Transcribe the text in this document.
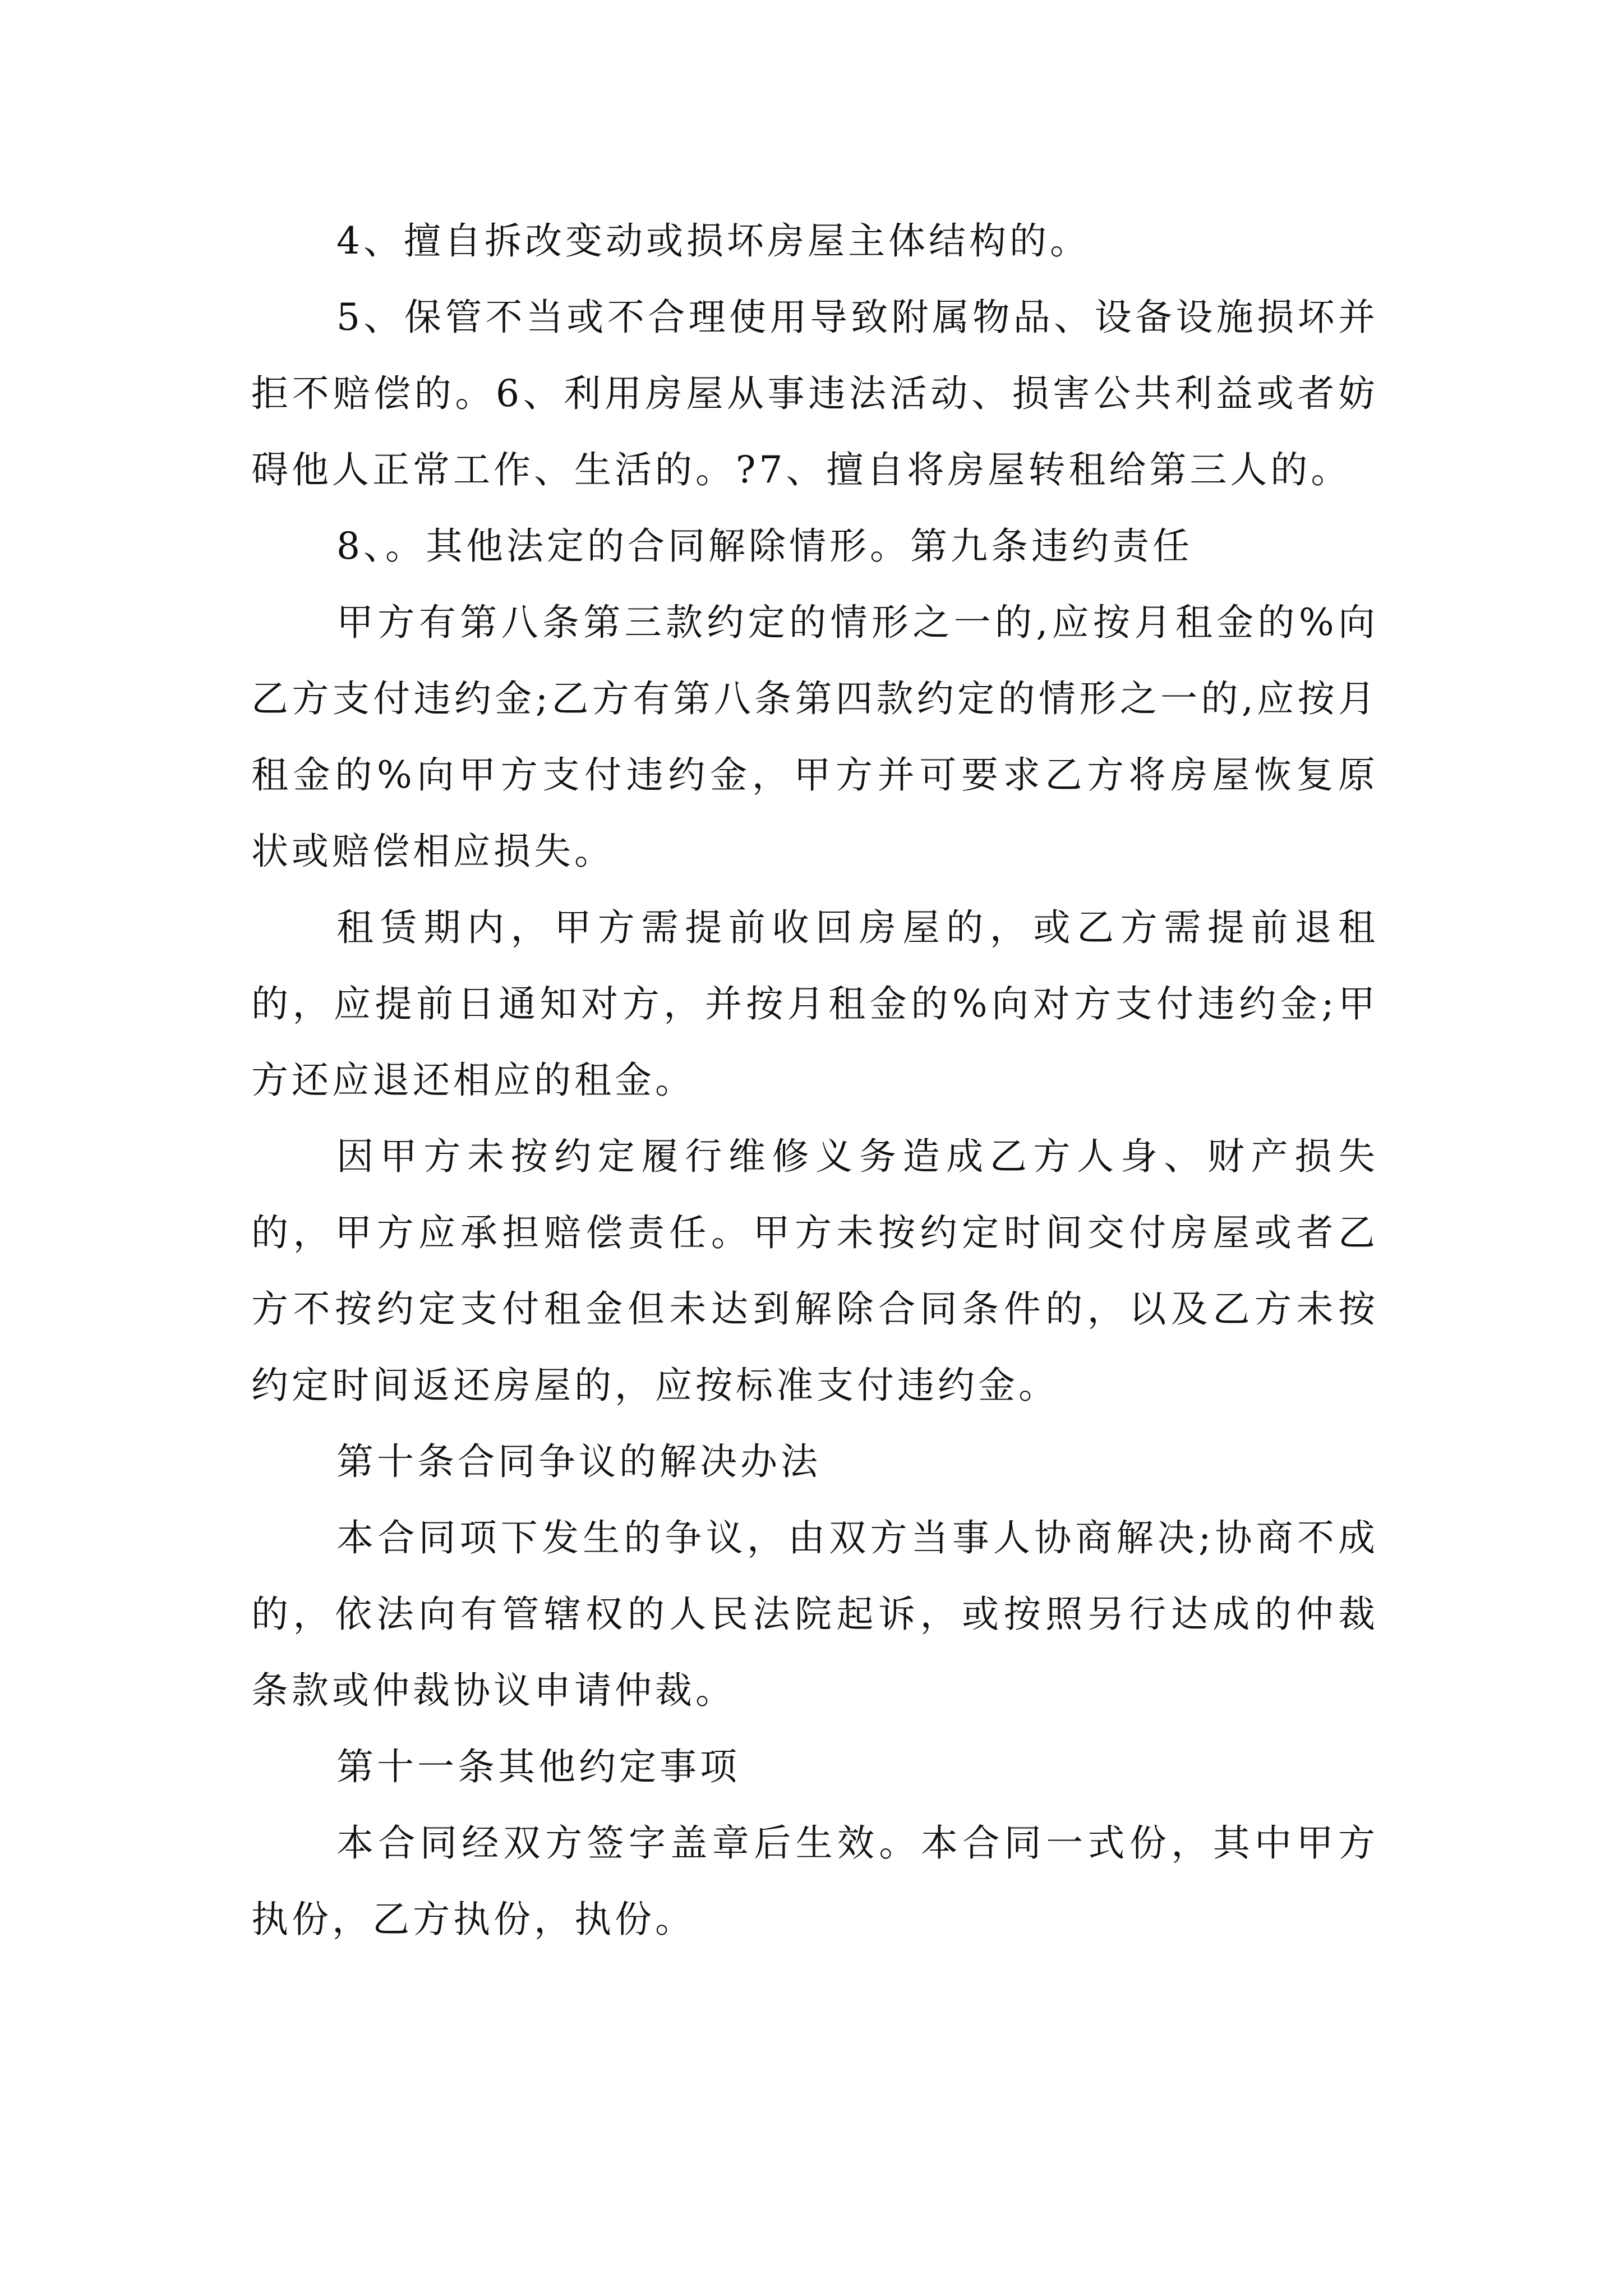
4、擅自拆改变动或损坏房屋主体结构的。

5、保管不当或不合理使用导致附属物品、设备设施损坏并拒不赔偿的。6、利用房屋从事违法活动、损害公共利益或者妨碍他人正常工作、生活的。?7、擅自将房屋转租给第三人的。

8、。其他法定的合同解除情形。第九条违约责任

甲方有第八条第三款约定的情形之一的,应按月租金的%向乙方支付违约金;乙方有第八条第四款约定的情形之一的,应按月租金的%向甲方支付违约金，甲方并可要求乙方将房屋恢复原状或赔偿相应损失。

租赁期内，甲方需提前收回房屋的，或乙方需提前退租的，应提前日通知对方，并按月租金的%向对方支付违约金;甲方还应退还相应的租金。

因甲方未按约定履行维修义务造成乙方人身、财产损失的，甲方应承担赔偿责任。甲方未按约定时间交付房屋或者乙方不按约定支付租金但未达到解除合同条件的，以及乙方未按约定时间返还房屋的，应按标准支付违约金。

第十条合同争议的解决办法

本合同项下发生的争议，由双方当事人协商解决;协商不成的，依法向有管辖权的人民法院起诉，或按照另行达成的仲裁条款或仲裁协议申请仲裁。

第十一条其他约定事项

本合同经双方签字盖章后生效。本合同一式份，其中甲方执份，乙方执份，执份。
